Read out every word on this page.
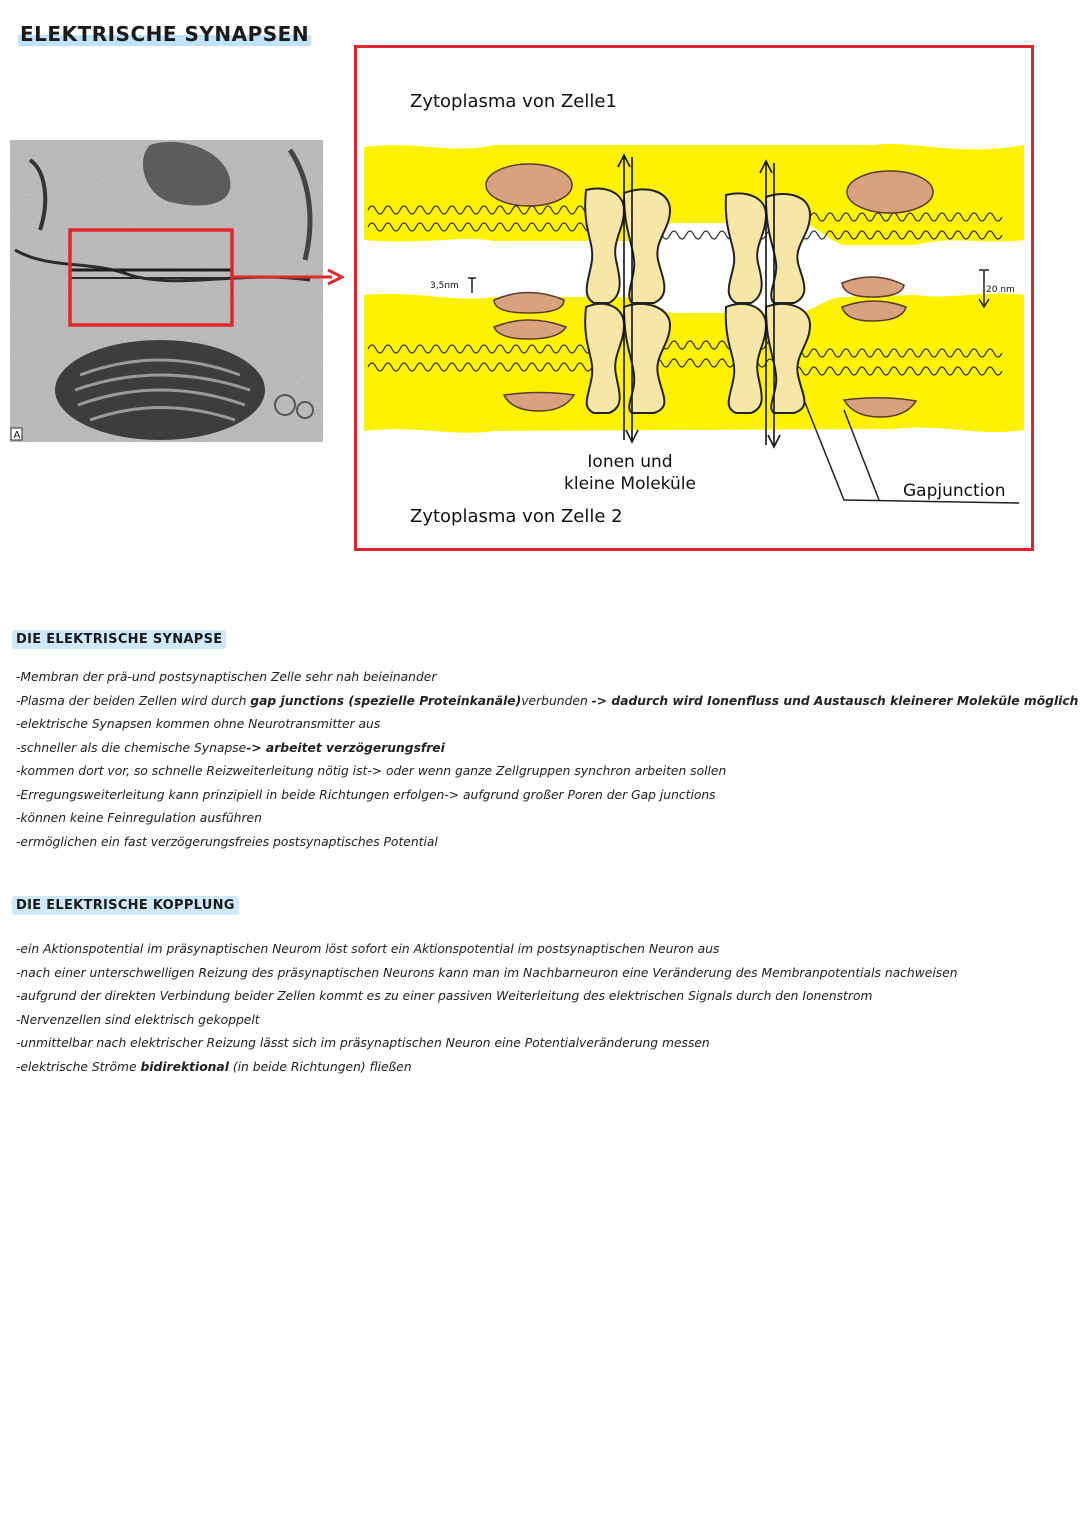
ELEKTRISCHE SYNAPSEN
A
Zytoplasma von Zelle1
Zytoplasma von Zelle 2
3,5nm	20 nm
Ionen und
kleine Moleküle	Gapjunction
DIE ELEKTRISCHE SYNAPSE
-Membran der prä-und postsynaptischen Zelle sehr nah beieinander
-Plasma der beiden Zellen wird durch gap junctions (spezielle Proteinkanäle)verbunden -> dadurch wird Ionenfluss und Austausch kleinerer Moleküle möglich
-elektrische Synapsen kommen ohne Neurotransmitter aus
-schneller als die chemische Synapse-> arbeitet verzögerungsfrei
-kommen dort vor, so schnelle Reizweiterleitung nötig ist-> oder wenn ganze Zellgruppen synchron arbeiten sollen
-Erregungsweiterleitung kann prinzipiell in beide Richtungen erfolgen-> aufgrund großer Poren der Gap junctions
-können keine Feinregulation ausführen
-ermöglichen ein fast verzögerungsfreies postsynaptisches Potential
DIE ELEKTRISCHE KOPPLUNG
-ein Aktionspotential im präsynaptischen Neurom löst sofort ein Aktionspotential im postsynaptischen Neuron aus
-nach einer unterschwelligen Reizung des präsynaptischen Neurons kann man im Nachbarneuron eine Veränderung des Membranpotentials nachweisen
-aufgrund der direkten Verbindung beider Zellen kommt es zu einer passiven Weiterleitung des elektrischen Signals durch den Ionenstrom
-Nervenzellen sind elektrisch gekoppelt
-unmittelbar nach elektrischer Reizung lässt sich im präsynaptischen Neuron eine Potentialveränderung messen
-elektrische Ströme bidirektional (in beide Richtungen) fließen
